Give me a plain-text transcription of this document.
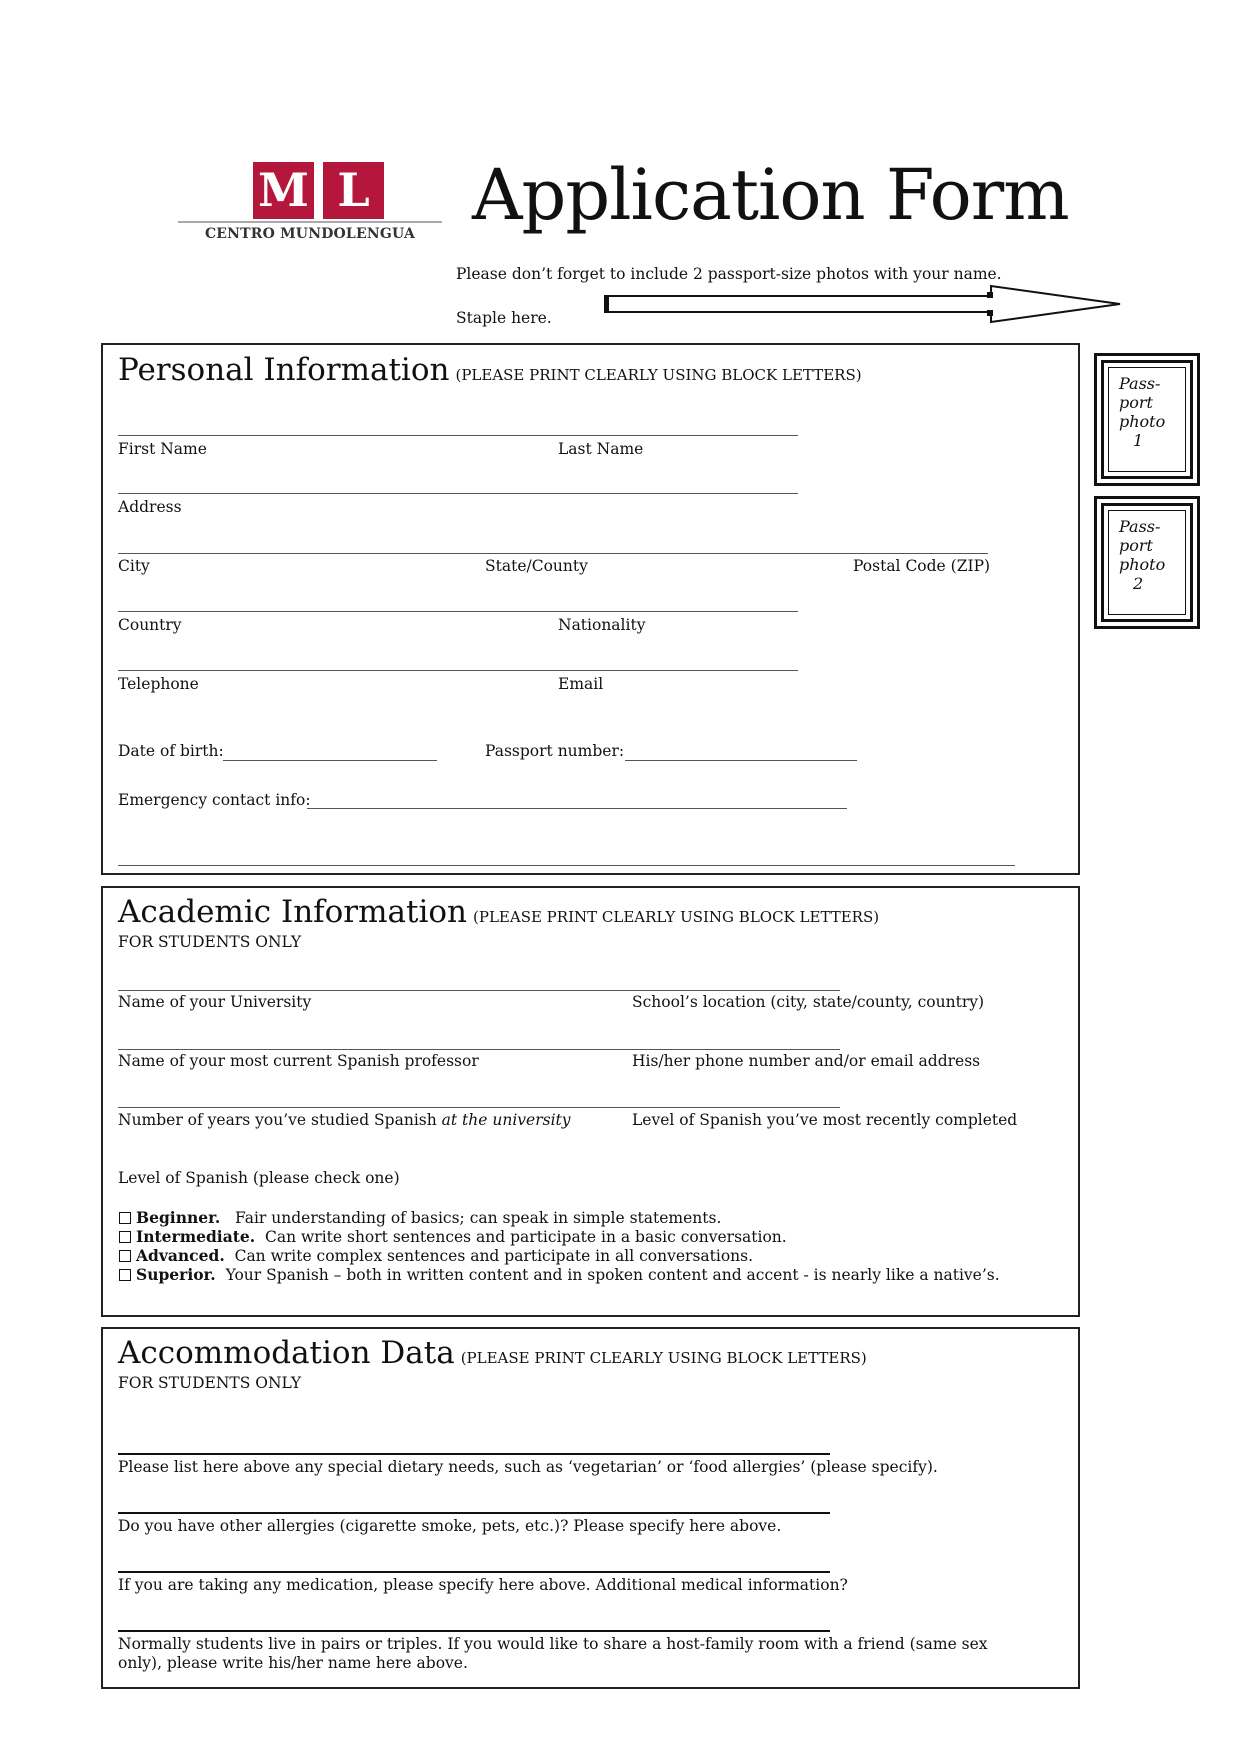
M L
CENTRO MUNDOLENGUA Application Form
Please don’t forget to include 2 passport-size photos with your name.
Staple here.
Pass-
port
photo
1
Pass-
port
photo
2
Personal Information (PLEASE PRINT CLEARLY USING BLOCK LETTERS)
First Name	Last Name
Address
City	State/County	Postal Code (ZIP)
Country	Nationality
Telephone	Email
Date of birth:	Passport number:
Emergency contact info:
Academic Information (PLEASE PRINT CLEARLY USING BLOCK LETTERS)
FOR STUDENTS ONLY
Name of your University	School’s location (city, state/county, country)
Name of your most current Spanish professor	His/her phone number and/or email address
Number of years you’ve studied Spanish at the university	Level of Spanish you’ve most recently completed
Level of Spanish (please check one)
Beginner. Fair understanding of basics; can speak in simple statements.
Intermediate. Can write short sentences and participate in a basic conversation.
Advanced. Can write complex sentences and participate in all conversations.
Superior. Your Spanish – both in written content and in spoken content and accent - is nearly like a native’s.
Accommodation Data (PLEASE PRINT CLEARLY USING BLOCK LETTERS)
FOR STUDENTS ONLY
Please list here above any special dietary needs, such as ‘vegetarian’ or ‘food allergies’ (please specify).
Do you have other allergies (cigarette smoke, pets, etc.)? Please specify here above.
If you are taking any medication, please specify here above. Additional medical information?
Normally students live in pairs or triples. If you would like to share a host-family room with a friend (same sex
only), please write his/her name here above.
